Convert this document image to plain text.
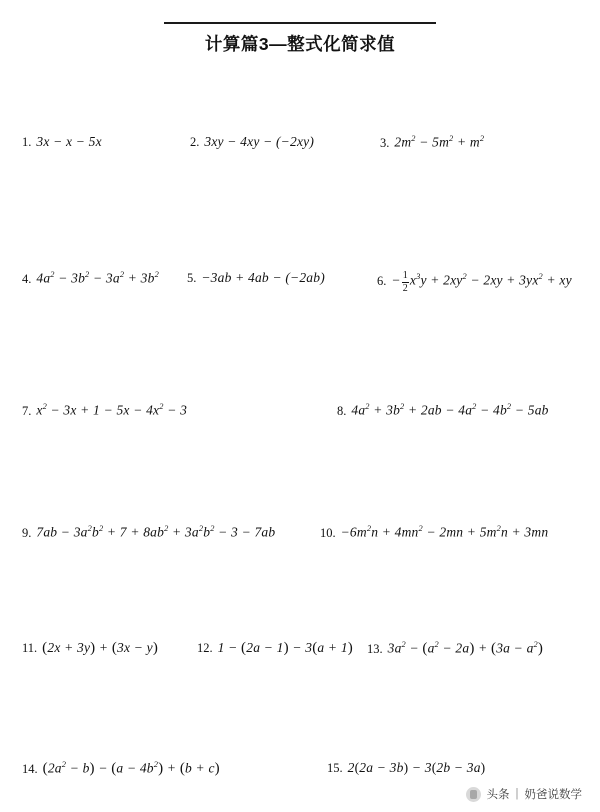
计算篇3—整式化简求值
1. 3x − x − 5x	2. 3xy − 4xy − (−2xy)	3. $2m^2 - 5m^2 + m^2$
4. $4a^2 - 3b^2 - 3a^2 + 3b^2$ 5. −3ab + 4ab − (−2ab)	6. − $\frac{1}{2} x^3y + 2xy^2 - 2xy + 3yx^2$ + xy
7. $x^2 - 3x + 1 - 5x - 4x^2 - 3$	8. $4a^2 + 3b^2 + 2ab - 4a^2 - 4b^2 - 5ab$
9. $7ab - 3a^2b^2 + 7 + 8ab^2 + 3a^2b^2 - 3 - 7ab$	10. $-6m^2n + 4mn^2 - 2mn + 5m^2n + 3mn$
11. (2x + 3y) + (3x − y)	12. 1 − (2a − 1) − 3(a + 1) 13. $3a^2 - (a^2 - 2a) + (3a - a^2)$
14. $(2a^2 - b) - (a - 4b^2) + (b + c)$	15. 2(2a − 3b) − 3(2b − 3a)
头条 | 奶爸说数学
